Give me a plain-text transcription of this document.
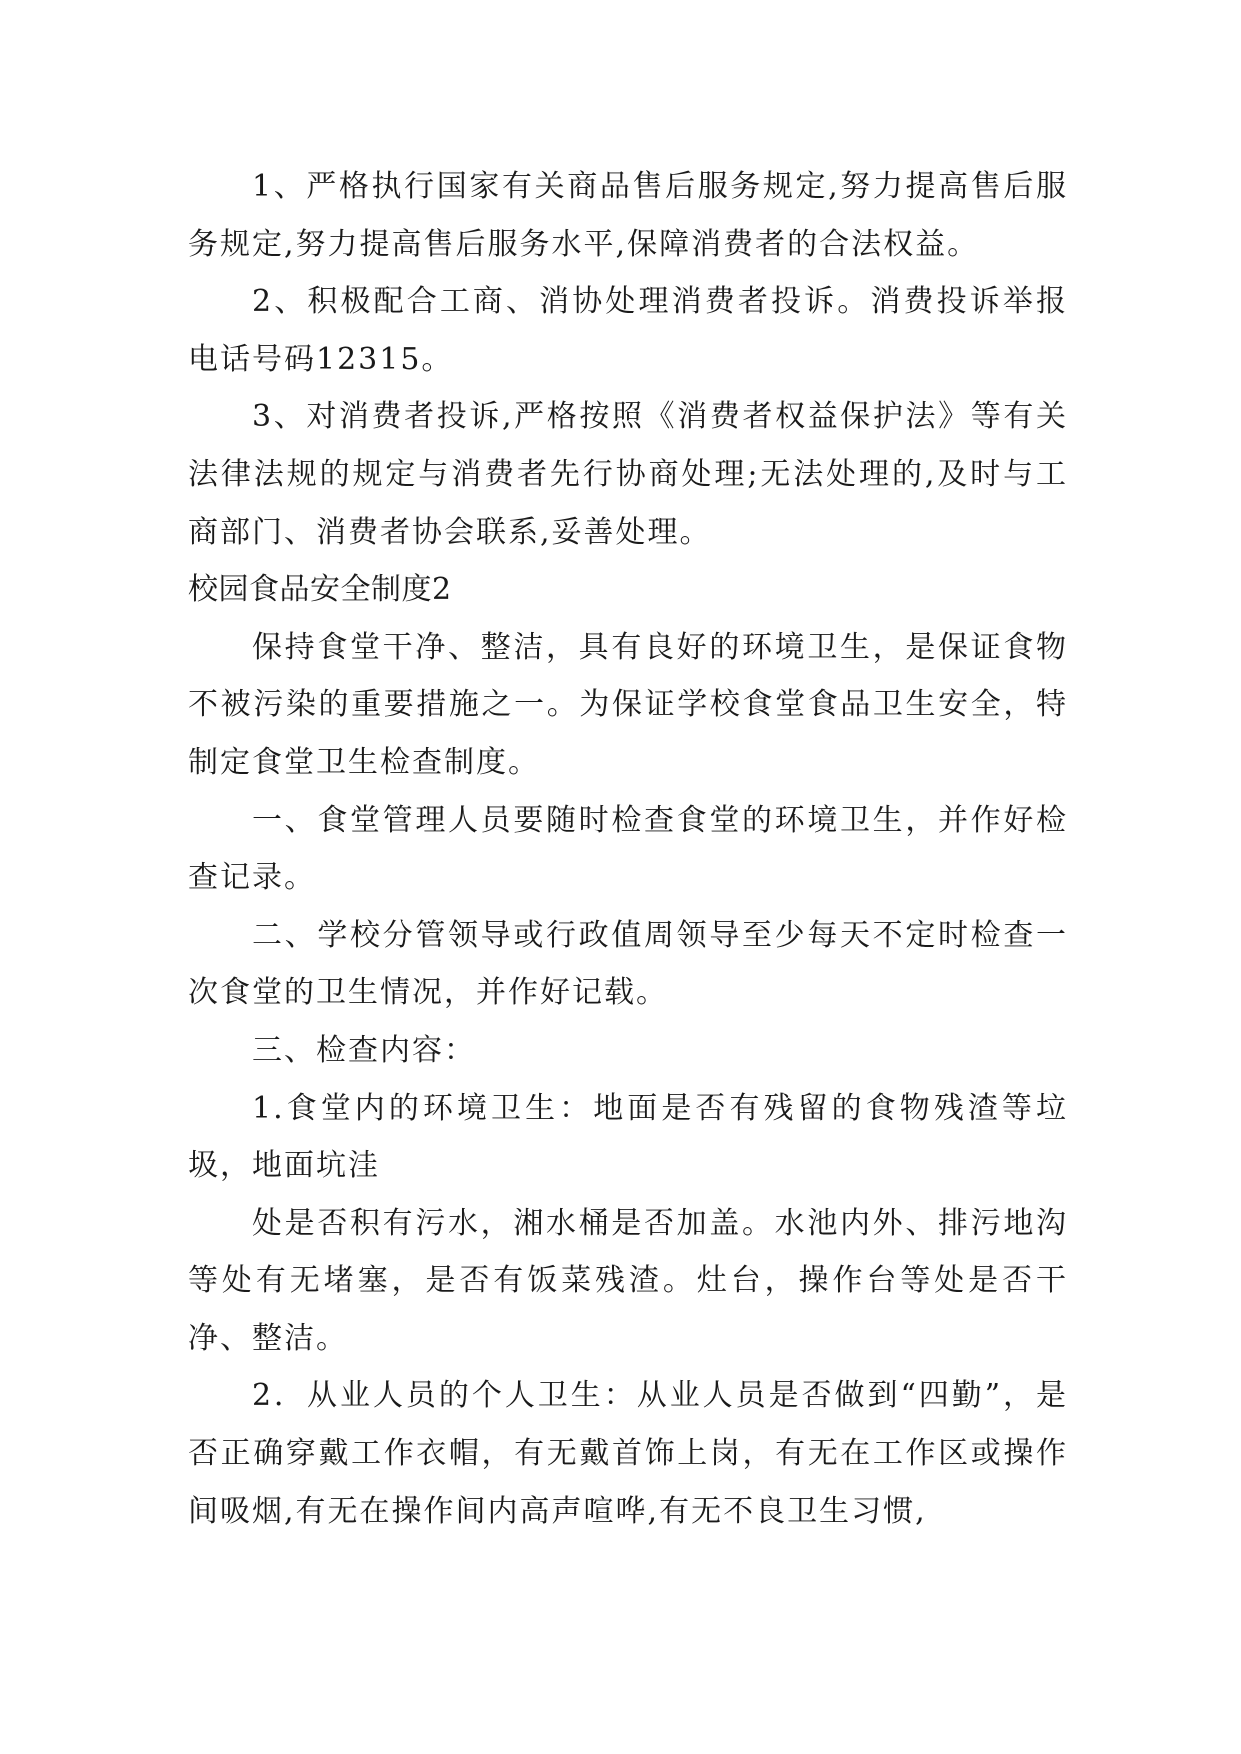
1、严格执行国家有关商品售后服务规定,努力提高售后服务规定,努力提高售后服务水平,保障消费者的合法权益。

2、积极配合工商、消协处理消费者投诉。消费投诉举报电话号码12315。

3、对消费者投诉,严格按照《消费者权益保护法》等有关法律法规的规定与消费者先行协商处理;无法处理的,及时与工商部门、消费者协会联系,妥善处理。

校园食品安全制度2

保持食堂干净、整洁，具有良好的环境卫生，是保证食物不被污染的重要措施之一。为保证学校食堂食品卫生安全，特制定食堂卫生检查制度。

一、食堂管理人员要随时检查食堂的环境卫生，并作好检查记录。

二、学校分管领导或行政值周领导至少每天不定时检查一次食堂的卫生情况，并作好记载。

三、检查内容：

1.食堂内的环境卫生：地面是否有残留的食物残渣等垃圾，地面坑洼

处是否积有污水，湘水桶是否加盖。水池内外、排污地沟等处有无堵塞，是否有饭菜残渣。灶台，操作台等处是否干净、整洁。

2．从业人员的个人卫生：从业人员是否做到“四勤”，是否正确穿戴工作衣帽，有无戴首饰上岗，有无在工作区或操作间吸烟,有无在操作间内高声喧哗,有无不良卫生习惯,
